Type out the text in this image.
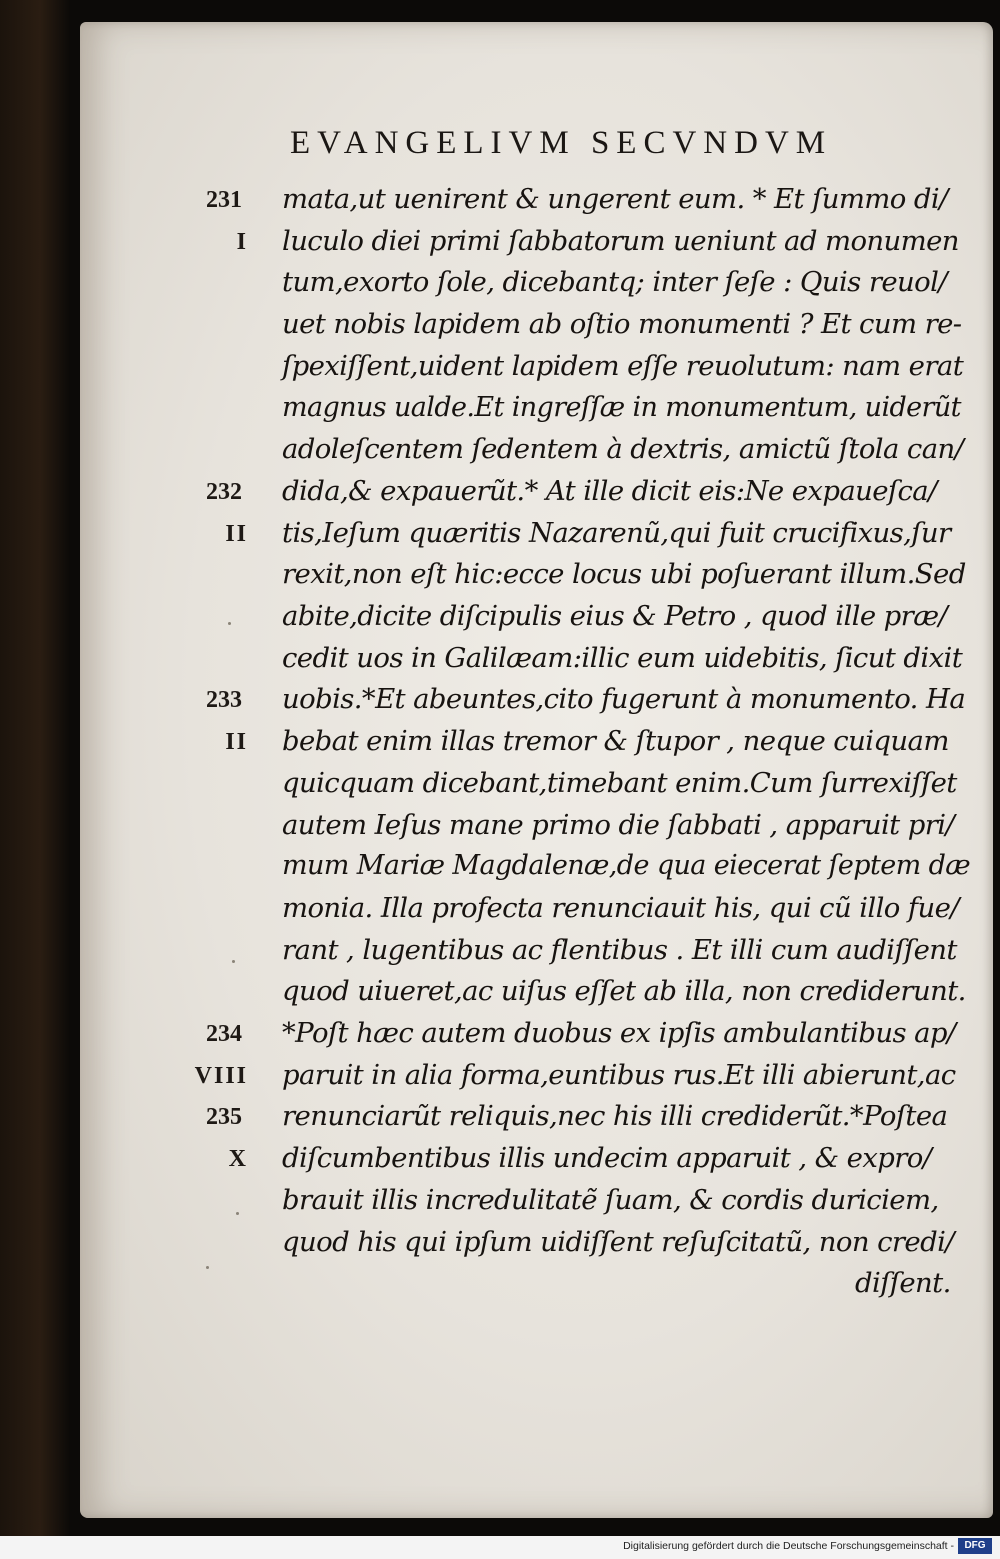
EVANGELIVM SECVNDVM
mata,ut uenirent & ungerent eum. * Et ſummo di/
luculo diei primi ſabbatorum ueniunt ad monumen
tum,exorto ſole, dicebantq; inter ſeſe : Quis reuol/
uet nobis lapidem ab oſtio monumenti ? Et cum re-
ſpexiſſent,uident lapidem eſſe reuolutum: nam erat
magnus ualde.Et ingreſſæ in monumentum, uiderũt
adoleſcentem ſedentem à dextris, amictũ ſtola can/
dida,& expauerũt.* At ille dicit eis:Ne expaueſca/
tis,Ieſum quæritis Nazarenũ,qui fuit crucifixus,ſur
rexit,non eſt hic:ecce locus ubi poſuerant illum.Sed
abite,dicite diſcipulis eius & Petro , quod ille præ/
cedit uos in Galilæam:illic eum uidebitis, ſicut dixit
uobis.*Et abeuntes,cito fugerunt à monumento. Ha
bebat enim illas tremor & ſtupor , neque cuiquam
quicquam dicebant,timebant enim.Cum ſurrexiſſet
autem Ieſus mane primo die ſabbati , apparuit pri/
mum Mariæ Magdalenæ,de qua eiecerat ſeptem dæ
monia. Illa profecta renunciauit his, qui cũ illo fue/
rant , lugentibus ac flentibus . Et illi cum audiſſent
quod uiueret,ac uiſus eſſet ab illa, non crediderunt.
*Poſt hæc autem duobus ex ipſis ambulantibus ap/
paruit in alia forma,euntibus rus.Et illi abierunt,ac
renunciarũt reliquis,nec his illi crediderũt.*Poſtea
diſcumbentibus illis undecim apparuit , & expro/
brauit illis incredulitatẽ ſuam, & cordis duriciem,
quod his qui ipſum uidiſſent reſuſcitatũ, non credi/
diſſent.
231
I
232
II
233
II
234
VIII
235
X
Digitalisierung gefördert durch die Deutsche Forschungsgemeinschaft -	DFG
